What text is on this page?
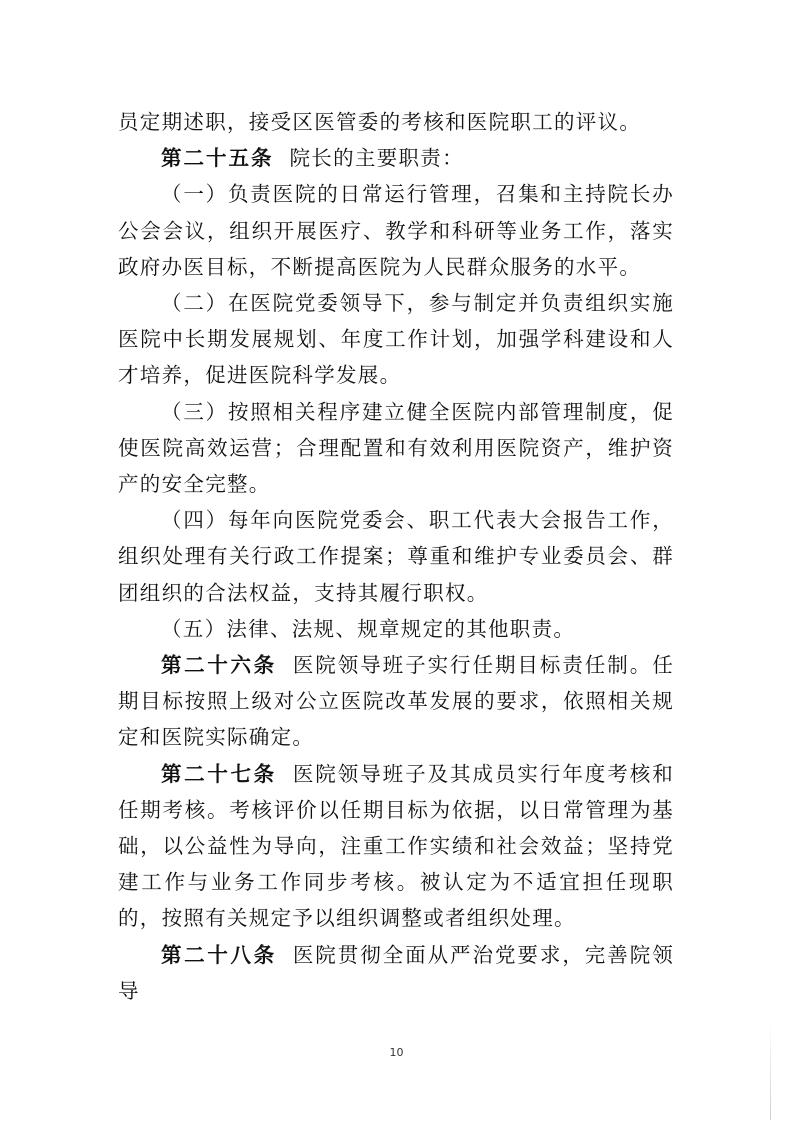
员定期述职，接受区医管委的考核和医院职工的评议。

第二十五条 院长的主要职责：

（一）负责医院的日常运行管理，召集和主持院长办公会会议，组织开展医疗、教学和科研等业务工作，落实政府办医目标，不断提高医院为人民群众服务的水平。

（二）在医院党委领导下，参与制定并负责组织实施医院中长期发展规划、年度工作计划，加强学科建设和人才培养，促进医院科学发展。

（三）按照相关程序建立健全医院内部管理制度，促使医院高效运营；合理配置和有效利用医院资产，维护资产的安全完整。

（四）每年向医院党委会、职工代表大会报告工作，组织处理有关行政工作提案；尊重和维护专业委员会、群团组织的合法权益，支持其履行职权。

（五）法律、法规、规章规定的其他职责。

第二十六条 医院领导班子实行任期目标责任制。任期目标按照上级对公立医院改革发展的要求，依照相关规定和医院实际确定。

第二十七条 医院领导班子及其成员实行年度考核和任期考核。考核评价以任期目标为依据，以日常管理为基础，以公益性为导向，注重工作实绩和社会效益；坚持党建工作与业务工作同步考核。被认定为不适宜担任现职的，按照有关规定予以组织调整或者组织处理。

第二十八条 医院贯彻全面从严治党要求，完善院领导

10
